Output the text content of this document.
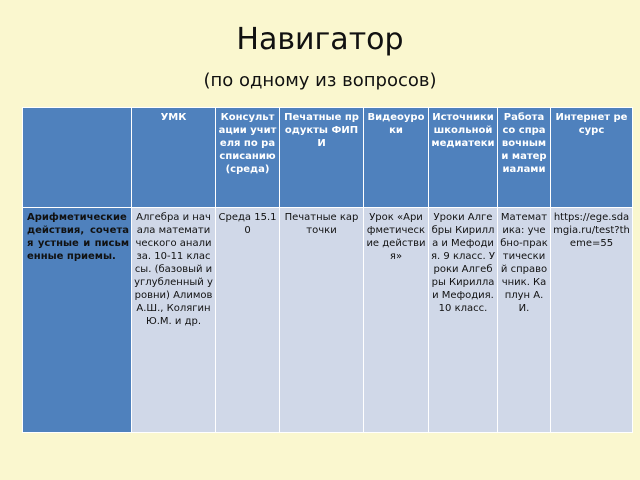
Навигатор
(по одному из вопросов)
	УМК	Консультации учителя по расписанию (среда)	Печатные продукты ФИПИ	Видеоуроки	Источники школьной медиатеки	Работа со справочными материалами	Интернет ресурс
Арифметические действия, сочетая устные и письменные приемы.	Алгебра и начала математического анализа. 10-11 классы. (базовый и углубленный уровни) Алимов А.Ш., Колягин Ю.М. и др.	Среда 15.10	Печатные карточки	Урок «Арифметические действия»	Уроки Алгебры Кирилла и Мефодия. 9 класс. Уроки Алгебры Кирилла и Мефодия. 10 класс.	Математика: учебно-практический справочник. Каплун А.И.	https://ege.sdamgia.ru/test?theme=55
